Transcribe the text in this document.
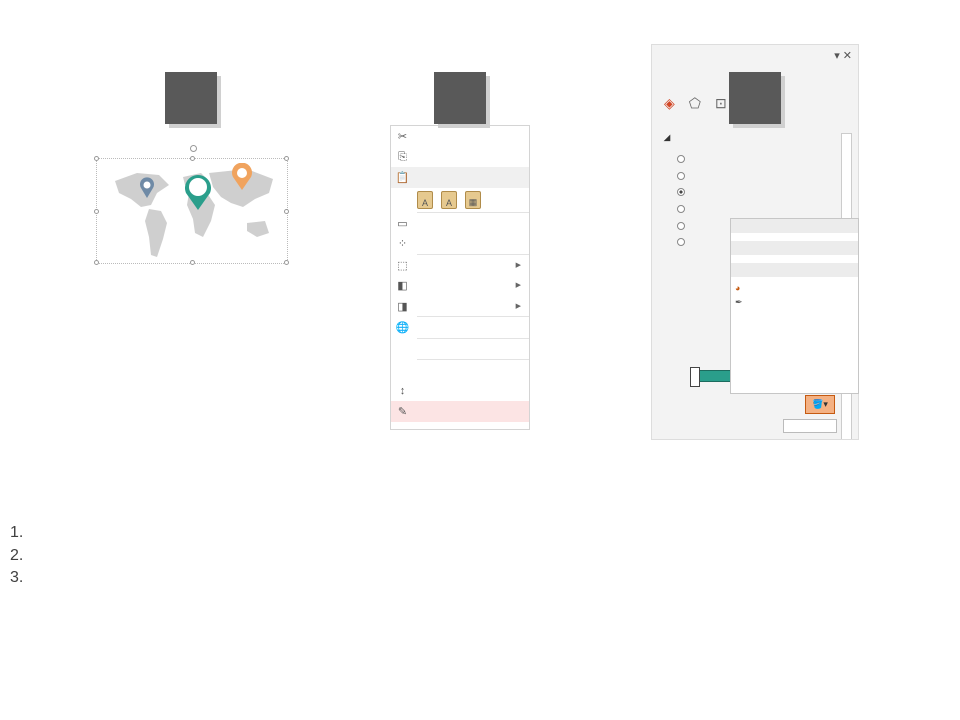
✂
⎘
📋
A	A	▦
▭
⁘
⬚	▶
◧	▶
◨	▶
🌐
↕
✎
▾ ✕
◈ ⬠ ⊡
◢
🪣 ▾
◕
✒
1.
2.
3.
